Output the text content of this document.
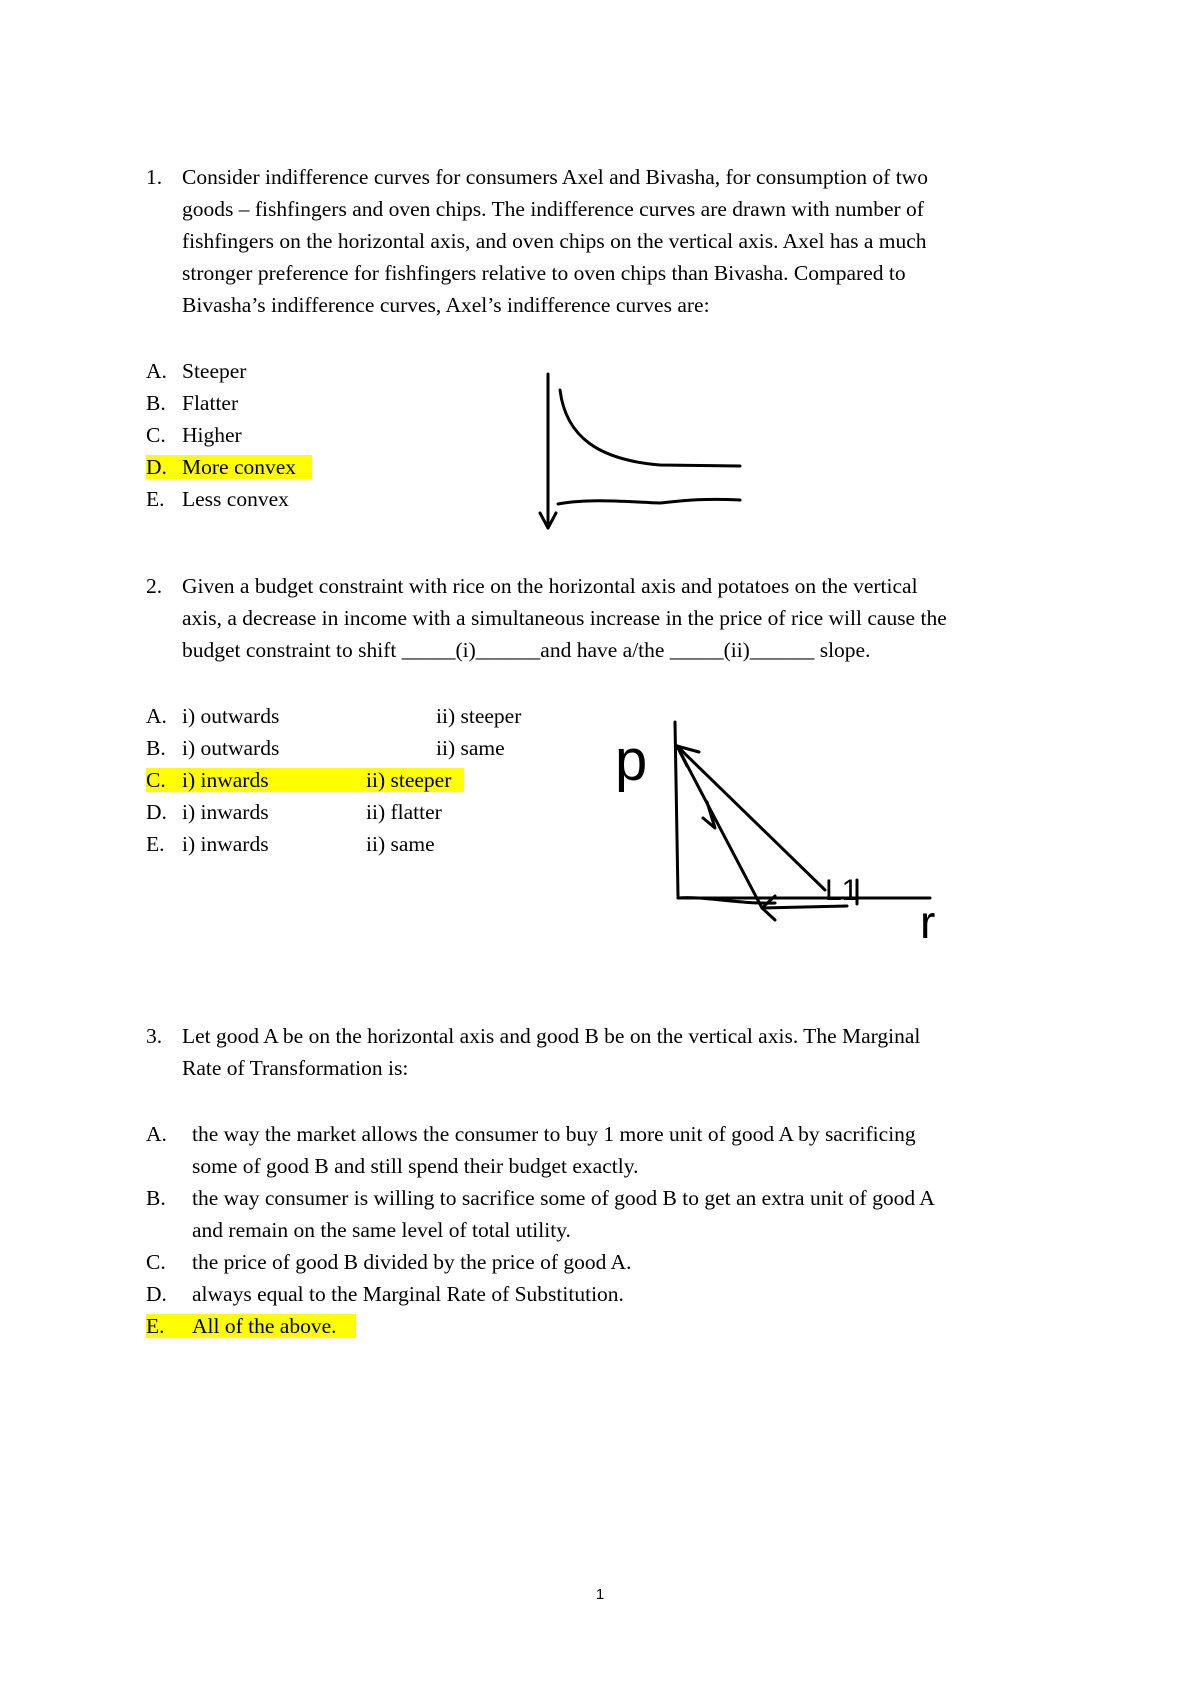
1. Consider indifference curves for consumers Axel and Bivasha, for consumption of two
goods – fishfingers and oven chips. The indifference curves are drawn with number of
fishfingers on the horizontal axis, and oven chips on the vertical axis. Axel has a much
stronger preference for fishfingers relative to oven chips than Bivasha. Compared to
Bivasha’s indifference curves, Axel’s indifference curves are:
A. Steeper
B. Flatter
C. Higher
D. More convex
E. Less convex
2. Given a budget constraint with rice on the horizontal axis and potatoes on the vertical
axis, a decrease in income with a simultaneous increase in the price of rice will cause the
budget constraint to shift _____(i)______and have a/the _____(ii)______ slope.
A. i) outwards	ii) steeper
B. i) outwards	ii) same
C. i) inwards	ii) steeper
D. i) inwards	ii) flatter
E. i) inwards	ii) same
p
L1
r
3. Let good A be on the horizontal axis and good B be on the vertical axis. The Marginal
Rate of Transformation is:
A. the way the market allows the consumer to buy 1 more unit of good A by sacrificing
some of good B and still spend their budget exactly.
B. the way consumer is willing to sacrifice some of good B to get an extra unit of good A
and remain on the same level of total utility.
C. the price of good B divided by the price of good A.
D. always equal to the Marginal Rate of Substitution.
E. All of the above.
1
